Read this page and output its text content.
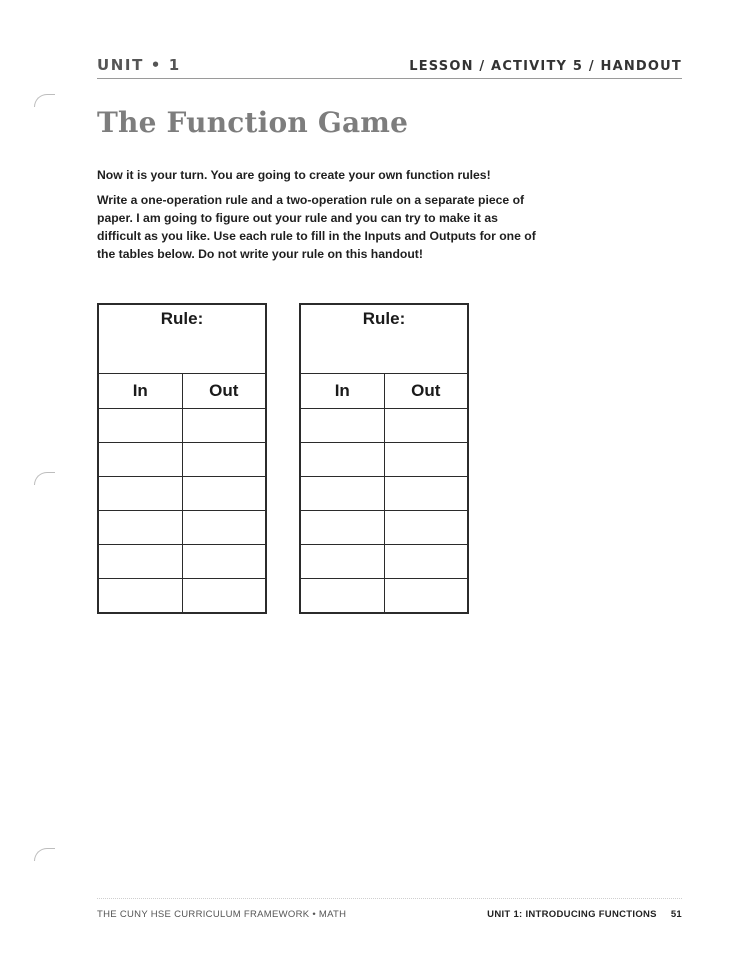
UNIT • 1	LESSON / ACTIVITY 5 / HANDOUT
The Function Game

Now it is your turn. You are going to create your own function rules!

Write a one-operation rule and a two-operation rule on a separate piece of paper. I am going to figure out your rule and you can try to make it as difficult as you like. Use each rule to fill in the Inputs and Outputs for one of the tables below. Do not write your rule on this handout!

Rule:	
In	Out

Rule:	
In	Out

THE CUNY HSE CURRICULUM FRAMEWORK • MATH	UNIT 1: INTRODUCING FUNCTIONS 51
